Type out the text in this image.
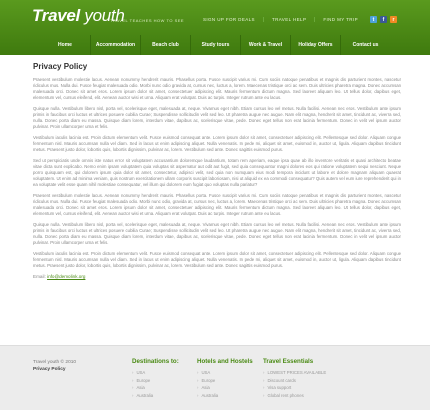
Travel youth
TRAVEL TEACHES HOW TO SEE	SIGN UP FOR DEALS	TRAVEL HELP	FIND MY TRIP	t	f	r
Home	Accommodation	Beach club	Study tours	Work & Travel	Holiday Offers	Contact us
Privacy Policy

Praesent vestibulum molestie lacus. Aenean nonummy hendrerit mauris. Phasellus porta. Fusce suscipit varius mi. Cum sociis natoque penatibus et magnis dis parturient montes, nascetur ridiculus mus. Nulla dui. Fusce feugiat malesuada odio. Morbi nunc odio gravida at, cursus nec, luctus a, lorem. Maecenas tristique orci ac sem. Duis ultricies pharetra magna. Donec accumsan malesuada orci. Donec sit amet eros. Lorem ipsum dolor sit amet, consectetuer adipiscing elit. Mauris fermentum dictum magna. Sed laoreet aliquam leo. Ut tellus dolor, dapibus eget, elementum vel, cursus eleifend, elit. Aenean auctor wisi et urna. Aliquam erat volutpat. Duis ac turpis. Integer rutrum ante eu lacus.

Quisque nulla. Vestibulum libero nisl, porta vel, scelerisque eget, malesuada at, neque. Vivamus eget nibh. Etiam cursus leo vel metus. Nulla facilisi. Aenean nec eros. Vestibulum ante ipsum primis in faucibus orci luctus et ultrices posuere cubilia Curae; Suspendisse sollicitudin velit sed leo. Ut pharetra augue nec augue. Nam elit magna, hendrerit sit amet, tincidunt ac, viverra sed, nulla. Donec porta diam eu massa. Quisque diam lorem, interdum vitae, dapibus ac, scelerisque vitae, pede. Donec eget tellus non erat lacinia fermentum. Donec in velit vel ipsum auctor pulvinar. Proin ullamcorper urna et felis.

Vestibulum iaculis lacinia est. Proin dictum elementum velit. Fusce euismod consequat ante. Lorem ipsum dolor sit amet, consectetuer adipiscing elit. Pellentesque sed dolor. Aliquam congue fermentum nisl. Mauris accumsan nulla vel diam. Sed in lacus ut enim adipiscing aliquet. Nulla venenatis. In pede mi, aliquet sit amet, euismod in, auctor ut, ligula. Aliquam dapibus tincidunt metus. Praesent justo dolor, lobortis quis, lobortis dignissim, pulvinar ac, lorem. Vestibulum sed ante. Donec sagittis euismod purus.

Sed ut perspiciatis unde omnis iste natus error sit voluptatem accusantium doloremque laudantium, totam rem aperiam, eaque ipsa quae ab illo inventore veritatis et quasi architecto beatae vitae dicta sunt explicabo. Nemo enim ipsam voluptatem quia voluptas sit aspernatur aut odit aut fugit, sed quia consequuntur magni dolores eos qui ratione voluptatem sequi nesciunt. Neque porro quisquam est, qui dolorem ipsum quia dolor sit amet, consectetur, adipisci velit, sed quia non numquam eius modi tempora incidunt ut labore et dolore magnam aliquam quaerat voluptatem. Ut enim ad minima veniam, quis nostrum exercitationem ullam corporis suscipit laboriosam, nisi ut aliquid ex ea commodi consequatur? Quis autem vel eum iure reprehenderit qui in ea voluptate velit esse quam nihil molestiae consequatur, vel illum qui dolorem eum fugiat quo voluptas nulla pariatur?

Praesent vestibulum molestie lacus. Aenean nonummy hendrerit mauris. Phasellus porta. Fusce suscipit varius mi. Cum sociis natoque penatibus et magnis dis parturient montes, nascetur ridiculus mus. Nulla dui. Fusce feugiat malesuada odio. Morbi nunc odio, gravida at, cursus nec, luctus a, lorem. Maecenas tristique orci ac sem. Duis ultricies pharetra magna. Donec accumsan malesuada orci. Donec sit amet eros. Lorem ipsum dolor sit amet, consectetuer adipiscing elit. Mauris fermentum dictum magna. Sed laoreet aliquam leo. Ut tellus dolor, dapibus eget, elementum vel, cursus eleifend, elit. Aenean auctor wisi et urna. Aliquam erat volutpat. Duis ac turpis. Integer rutrum ante eu lacus.

Quisque nulla. Vestibulum libero nisl, porta vel, scelerisque eget, malesuada at, neque. Vivamus eget nibh. Etiam cursus leo vel metus. Nulla facilisi. Aenean nec eros. Vestibulum ante ipsum primis in faucibus orci luctus et ultrices posuere cubilia Curae; Suspendisse sollicitudin velit sed leo. Ut pharetra augue nec augue. Nam elit magna, hendrerit sit amet, tincidunt ac, viverra sed, nulla. Donec porta diam eu massa. Quisque diam lorem, interdum vitae, dapibus ac, scelerisque vitae, pede. Donec eget tellus non erat lacinia fermentum. Donec in velit vel ipsum auctor pulvinar. Proin ullamcorper urna et felis.

Vestibulum iaculis lacinia est. Proin dictum elementum velit. Fusce euismod consequat ante. Lorem ipsum dolor sit amet, consectetuer adipiscing elit. Pellentesque sed dolor. Aliquam congue fermentum nisl. Mauris accumsan nulla vel diam. Sed in lacus ut enim adipiscing aliquet. Nulla venenatis. In pede mi, aliquet sit amet, euismod in, auctor ut, ligula. Aliquam dapibus tincidunt metus. Praesent justo dolor, lobortis quis, lobortis dignissim, pulvinar ac, lorem. Vestibulum sed ante. Donec sagittis euismod purus.

Email: info@demolink.org

Travel youth © 2010
Privacy Policy
Destinations to:
› USA
› Europe
› Asia
› Australia
Hotels and Hostels
› USA
› Europe
› Asia
› Australia
Travel Essentials
› LOWEST PRICES AVAILABLE
› Discount cards
› Visa support
› Global rent phones
